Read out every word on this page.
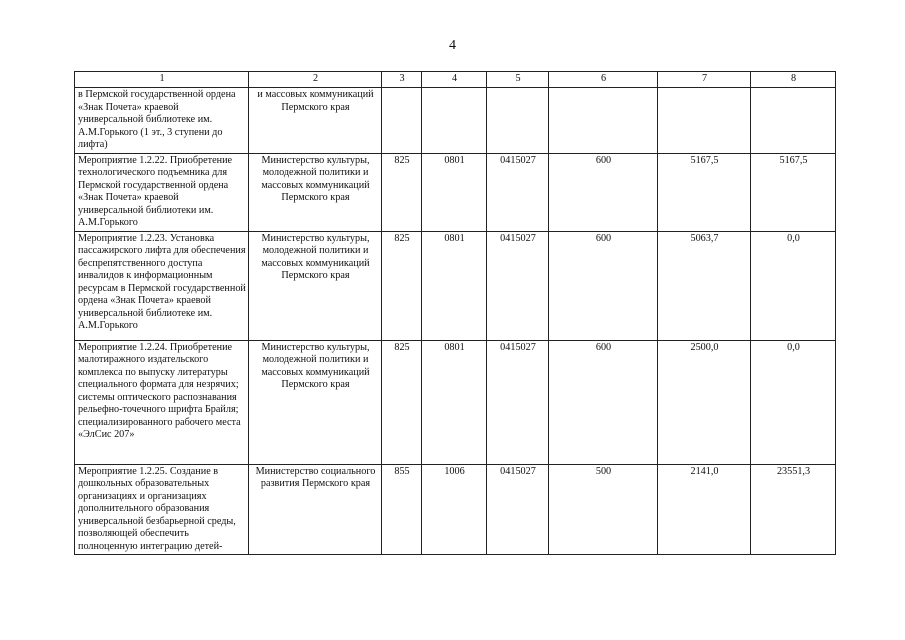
4
1	2	3	4	5	6	7	8
в Пермской государственной ордена «Знак Почета» краевой универсальной библиотеке им. А.М.Горького (1 эт., 3 ступени до лифта)	и массовых коммуникаций Пермского края						
Мероприятие 1.2.22. Приобретение технологического подъемника для Пермской государственной ордена «Знак Почета» краевой универсальной библиотеки им. А.М.Горького	Министерство культуры, молодежной политики и массовых коммуникаций Пермского края	825	0801	0415027	600	5167,5	5167,5
Мероприятие 1.2.23. Установка пассажирского лифта для обеспечения беспрепятственного доступа инвалидов к информационным ресурсам в Пермской государственной ордена «Знак Почета» краевой универсальной библиотеке им. А.М.Горького	Министерство культуры, молодежной политики и массовых коммуникаций Пермского края	825	0801	0415027	600	5063,7	0,0
Мероприятие 1.2.24. Приобретение малотиражного издательского комплекса по выпуску литературы специального формата для незрячих; системы оптического распознавания рельефно-точечного шрифта Брайля; специализированного рабочего места «ЭлСис 207»	Министерство культуры, молодежной политики и массовых коммуникаций Пермского края	825	0801	0415027	600	2500,0	0,0
Мероприятие 1.2.25. Создание в дошкольных образовательных организациях и организациях дополнительного образования универсальной безбарьерной среды, позволяющей обеспечить полноценную интеграцию детей-	Министерство социального развития Пермского края	855	1006	0415027	500	2141,0	23551,3
